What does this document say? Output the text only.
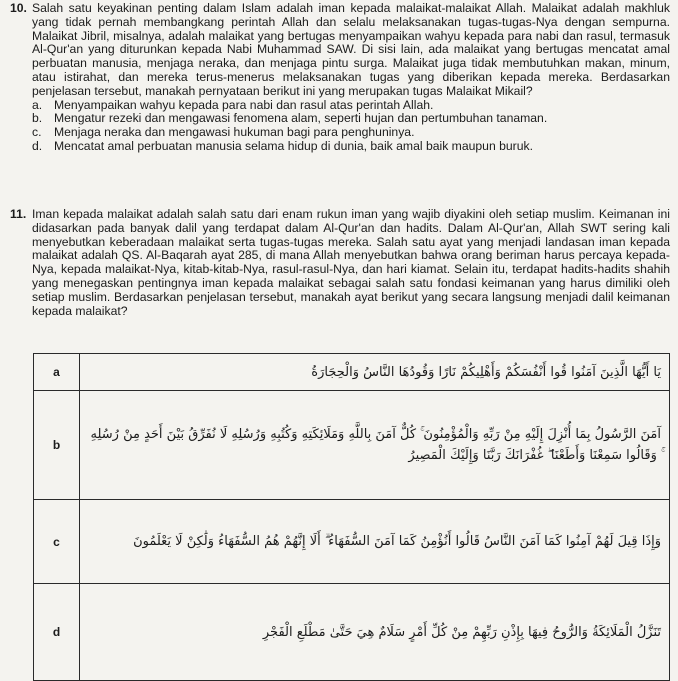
10. Salah satu keyakinan penting dalam Islam adalah iman kepada malaikat-malaikat Allah. Malaikat adalah makhluk yang tidak pernah membangkang perintah Allah dan selalu melaksanakan tugas-tugas-Nya dengan sempurna. Malaikat Jibril, misalnya, adalah malaikat yang bertugas menyampaikan wahyu kepada para nabi dan rasul, termasuk Al-Qur'an yang diturunkan kepada Nabi Muhammad SAW. Di sisi lain, ada malaikat yang bertugas mencatat amal perbuatan manusia, menjaga neraka, dan menjaga pintu surga. Malaikat juga tidak membutuhkan makan, minum, atau istirahat, dan mereka terus-menerus melaksanakan tugas yang diberikan kepada mereka. Berdasarkan penjelasan tersebut, manakah pernyataan berikut ini yang merupakan tugas Malaikat Mikail?
a. Menyampaikan wahyu kepada para nabi dan rasul atas perintah Allah.
b. Mengatur rezeki dan mengawasi fenomena alam, seperti hujan dan pertumbuhan tanaman.
c.	Menjaga neraka dan mengawasi hukuman bagi para penghuninya.
d. Mencatat amal perbuatan manusia selama hidup di dunia, baik amal baik maupun buruk.
11. Iman kepada malaikat adalah salah satu dari enam rukun iman yang wajib diyakini oleh setiap muslim. Keimanan ini didasarkan pada banyak dalil yang terdapat dalam Al-Qur'an dan hadits. Dalam Al-Qur'an, Allah SWT sering kali menyebutkan keberadaan malaikat serta tugas-tugas mereka. Salah satu ayat yang menjadi landasan iman kepada malaikat adalah QS. Al-Baqarah ayat 285, di mana Allah menyebutkan bahwa orang beriman harus percaya kepada-Nya, kepada malaikat-Nya, kitab-kitab-Nya, rasul-rasul-Nya, dan hari kiamat. Selain itu, terdapat hadits-hadits shahih yang menegaskan pentingnya iman kepada malaikat sebagai salah satu fondasi keimanan yang harus dimiliki oleh setiap muslim. Berdasarkan penjelasan tersebut, manakah ayat berikut yang secara langsung menjadi dalil keimanan kepada malaikat?
a	يَا أَيُّهَا الَّذِينَ آمَنُوا قُوا أَنْفُسَكُمْ وَأَهْلِيكُمْ نَارًا وَقُودُهَا النَّاسُ وَالْحِجَارَةُ
b	آمَنَ الرَّسُولُ بِمَا أُنْزِلَ إِلَيْهِ مِنْ رَبِّهِ وَالْمُؤْمِنُونَ ۚ كُلٌّ آمَنَ بِاللَّهِ وَمَلَائِكَتِهِ وَكُتُبِهِ وَرُسُلِهِ لَا نُفَرِّقُ بَيْنَ أَحَدٍ مِنْ رُسُلِهِ ۚ وَقَالُوا سَمِعْنَا وَأَطَعْنَا ۖ غُفْرَانَكَ رَبَّنَا وَإِلَيْكَ الْمَصِيرُ
c	وَإِذَا قِيلَ لَهُمْ آمِنُوا كَمَا آمَنَ النَّاسُ قَالُوا أَنُؤْمِنُ كَمَا آمَنَ السُّفَهَاءُ ۗ أَلَا إِنَّهُمْ هُمُ السُّفَهَاءُ وَلَٰكِنْ لَا يَعْلَمُونَ
d	تَنَزَّلُ الْمَلَائِكَةُ وَالرُّوحُ فِيهَا بِإِذْنِ رَبِّهِمْ مِنْ كُلِّ أَمْرٍ سَلَامٌ هِيَ حَتَّىٰ مَطْلَعِ الْفَجْرِ
